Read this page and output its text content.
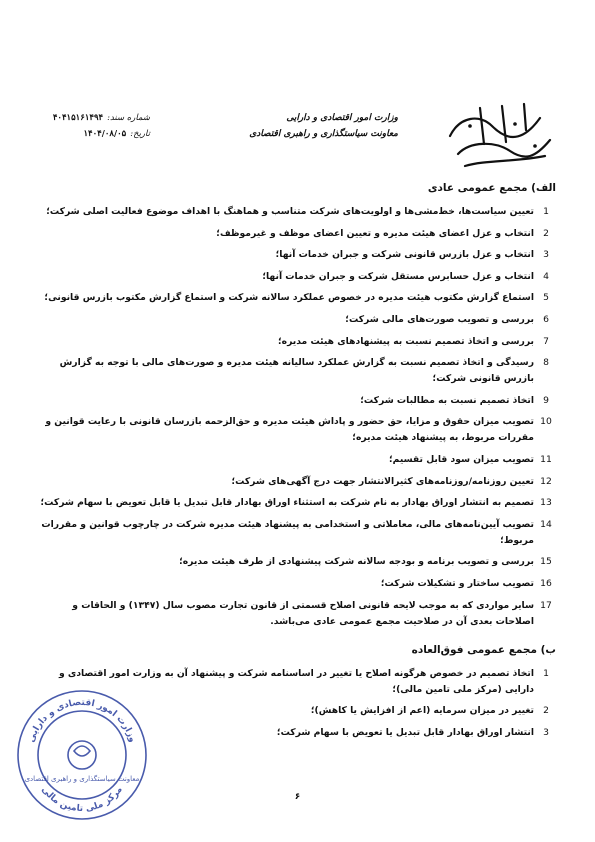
وزارت امور اقتصادی و دارایی
معاونت سیاستگذاری و راهبری اقتصادی
شماره سند:
۴۰۴۱۵۱۶۱۴۹۴
تاریخ:
۱۴۰۴/۰۸/۰۵
الف) مجمع عمومی عادی
1
تعیین سیاست‌ها، خط‌مشی‌ها و اولویت‌های شرکت متناسب و هماهنگ با اهداف موضوع فعالیت اصلی شرکت؛
2
انتخاب و عزل اعضای هیئت مدیره و تعیین اعضای موظف و غیرموظف؛
3
انتخاب و عزل بازرس قانونی شرکت و جبران خدمات آنها؛
4
انتخاب و عزل حسابرس مستقل شرکت و جبران خدمات آنها؛
5
استماع گزارش مکتوب هیئت مدیره در خصوص عملکرد سالانه شرکت و استماع گزارش مکتوب بازرس قانونی؛
6
بررسی و تصویب صورت‌های مالی شرکت؛
7
بررسی و اتخاذ تصمیم نسبت به پیشنهادهای هیئت مدیره؛
8
رسیدگی و اتخاذ تصمیم نسبت به گزارش عملکرد سالیانه هیئت مدیره و صورت‌های مالی با توجه به گزارش بازرس قانونی شرکت؛
9
اتخاذ تصمیم نسبت به مطالبات شرکت؛
10
تصویب میزان حقوق و مزایا، حق حضور و پاداش هیئت مدیره و حق‌الزحمه بازرسان قانونی با رعایت قوانین و مقررات مربوط، به پیشنهاد هیئت مدیره؛
11
تصویب میزان سود قابل تقسیم؛
12
تعیین روزنامه/روزنامه‌های کثیرالانتشار جهت درج آگهی‌های شرکت؛
13
تصمیم به انتشار اوراق بهادار به نام شرکت به استثناء اوراق بهادار قابل تبدیل یا قابل تعویض با سهام شرکت؛
14
تصویب آیین‌نامه‌های مالی، معاملاتی و استخدامی به پیشنهاد هیئت مدیره شرکت در چارچوب قوانین و مقررات مربوط؛
15
بررسی و تصویب برنامه و بودجه سالانه شرکت پیشنهادی از طرف هیئت مدیره؛
16
تصویب ساختار و تشکیلات شرکت؛
17
سایر مواردی که به موجب لایحه قانونی اصلاح قسمتی از قانون تجارت مصوب سال (۱۳۴۷) و الحاقات و اصلاحات بعدی آن در صلاحیت مجمع عمومی عادی می‌باشد.
ب) مجمع عمومی فوق‌العاده
1
اتخاذ تصمیم در خصوص هرگونه اصلاح یا تغییر در اساسنامه شرکت و پیشنهاد آن به وزارت امور اقتصادی و دارایی (مرکز ملی تامین مالی)؛
2
تغییر در میزان سرمایه (اعم از افزایش یا کاهش)؛
3
انتشار اوراق بهادار قابل تبدیل یا تعویض با سهام شرکت؛
۶
وزارت امور اقتصادی و دارایی
معاونت سیاستگذاری و راهبری اقتصادی
مرکز ملی تامین مالی
